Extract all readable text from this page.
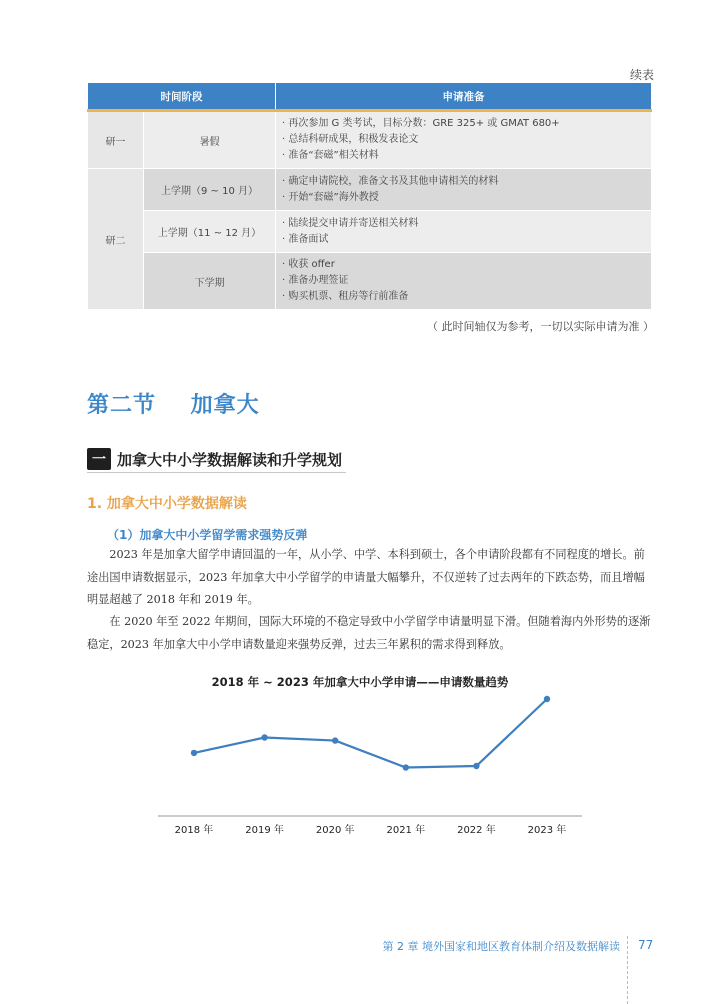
续表
时间阶段		申请准备
研一	暑假	· 再次参加 G 类考试，目标分数：GRE 325+ 或 GMAT 680+
· 总结科研成果，积极发表论文
· 准备“套磁”相关材料

研二	上学期（9 ~ 10 月）	· 确定申请院校，准备文书及其他申请相关的材料
· 开始“套磁”海外教授

	上学期（11 ~ 12 月）	· 陆续提交申请并寄送相关材料
· 准备面试

	下学期	· 收获 offer
· 准备办理签证
· 购买机票、租房等行前准备
（ 此时间轴仅为参考，一切以实际申请为准 ）
第二节    加拿大
一 加拿大中小学数据解读和升学规划
1. 加拿大中小学数据解读
（1）加拿大中小学留学需求强势反弹
2023 年是加拿大留学申请回温的一年，从小学、中学、本科到硕士，各个申请阶段都有不同程度的增长。前途出国申请数据显示，2023 年加拿大中小学留学的申请量大幅攀升，不仅逆转了过去两年的下跌态势，而且增幅明显超越了 2018 年和 2019 年。
在 2020 年至 2022 年期间，国际大环境的不稳定导致中小学留学申请量明显下滑。但随着海内外形势的逐渐稳定，2023 年加拿大中小学申请数量迎来强势反弹，过去三年累积的需求得到释放。
2018 年 ~ 2023 年加拿大中小学申请——申请数量趋势
2018 年	2019 年	2020 年	2021 年	2022 年	2023 年
第 2 章 境外国家和地区教育体制介绍及数据解读 77
